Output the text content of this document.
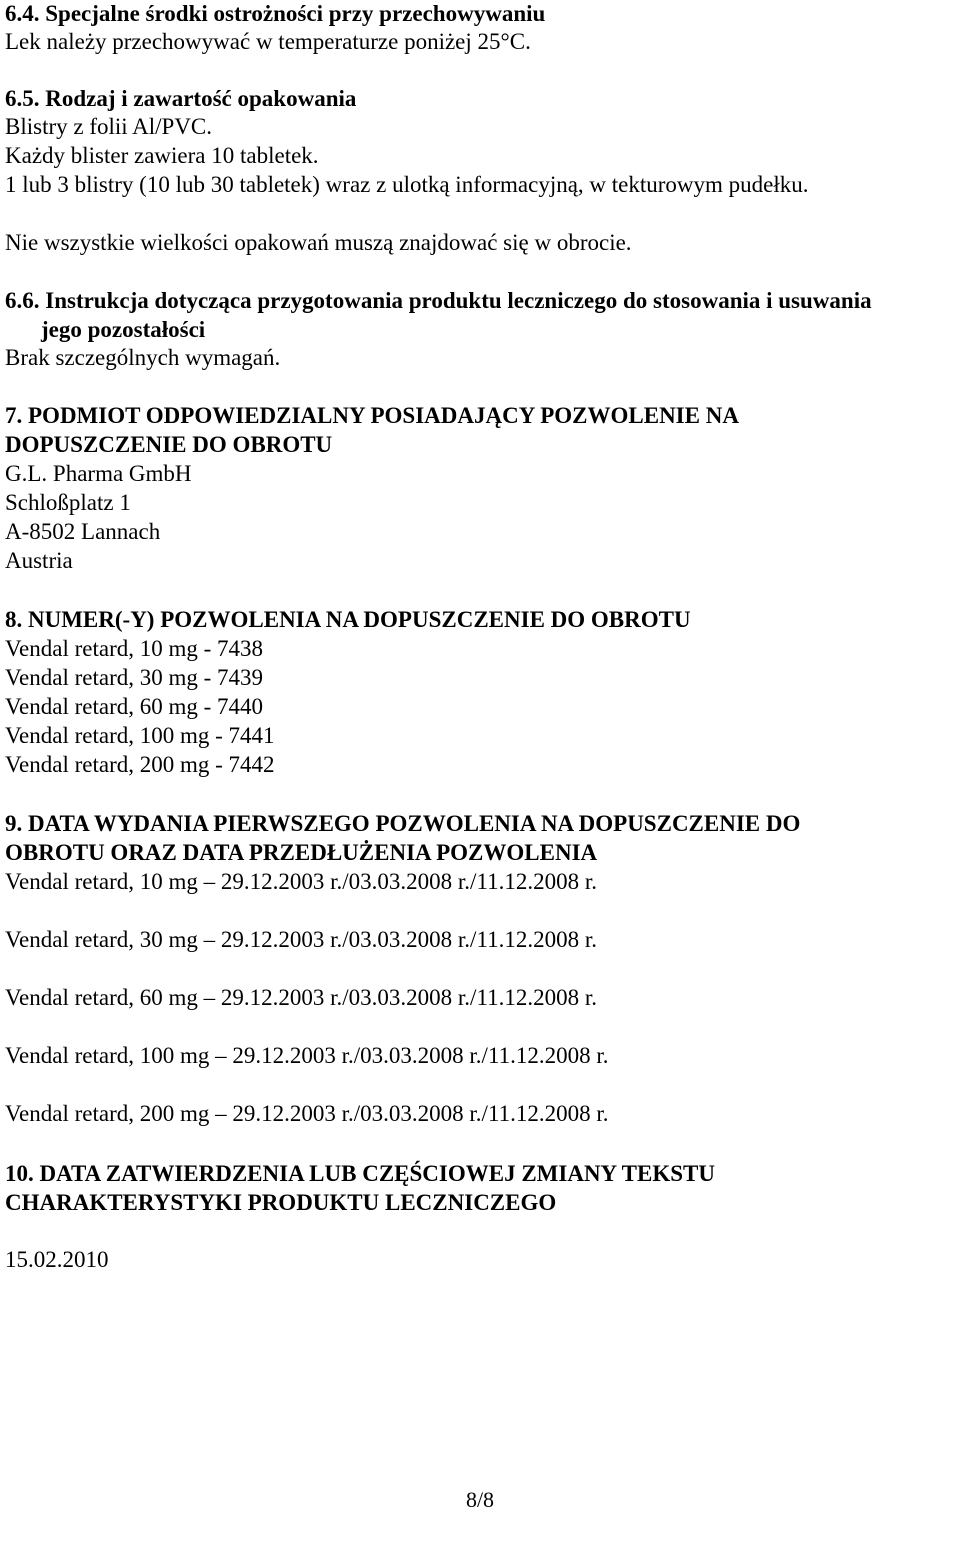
6.4. Specjalne środki ostrożności przy przechowywaniu
Lek należy przechowywać w temperaturze poniżej 25°C.
6.5. Rodzaj i zawartość opakowania
Blistry z folii Al/PVC.
Każdy blister zawiera 10 tabletek.
1 lub 3 blistry (10 lub 30 tabletek) wraz z ulotką informacyjną, w tekturowym pudełku.
Nie wszystkie wielkości opakowań muszą znajdować się w obrocie.
6.6. Instrukcja dotycząca przygotowania produktu leczniczego do stosowania i usuwania
jego pozostałości
Brak szczególnych wymagań.
7. PODMIOT ODPOWIEDZIALNY POSIADAJĄCY POZWOLENIE NA
DOPUSZCZENIE DO OBROTU
G.L. Pharma GmbH
Schloßplatz 1
A-8502 Lannach
Austria
8. NUMER(-Y) POZWOLENIA NA DOPUSZCZENIE DO OBROTU
Vendal retard, 10 mg - 7438
Vendal retard, 30 mg - 7439
Vendal retard, 60 mg - 7440
Vendal retard, 100 mg - 7441
Vendal retard, 200 mg - 7442
9. DATA WYDANIA PIERWSZEGO POZWOLENIA NA DOPUSZCZENIE DO
OBROTU ORAZ DATA PRZEDŁUŻENIA POZWOLENIA
Vendal retard, 10 mg – 29.12.2003 r./03.03.2008 r./11.12.2008 r.
Vendal retard, 30 mg – 29.12.2003 r./03.03.2008 r./11.12.2008 r.
Vendal retard, 60 mg – 29.12.2003 r./03.03.2008 r./11.12.2008 r.
Vendal retard, 100 mg – 29.12.2003 r./03.03.2008 r./11.12.2008 r.
Vendal retard, 200 mg – 29.12.2003 r./03.03.2008 r./11.12.2008 r.
10. DATA ZATWIERDZENIA LUB CZĘŚCIOWEJ ZMIANY TEKSTU
CHARAKTERYSTYKI PRODUKTU LECZNICZEGO
15.02.2010
8/8
